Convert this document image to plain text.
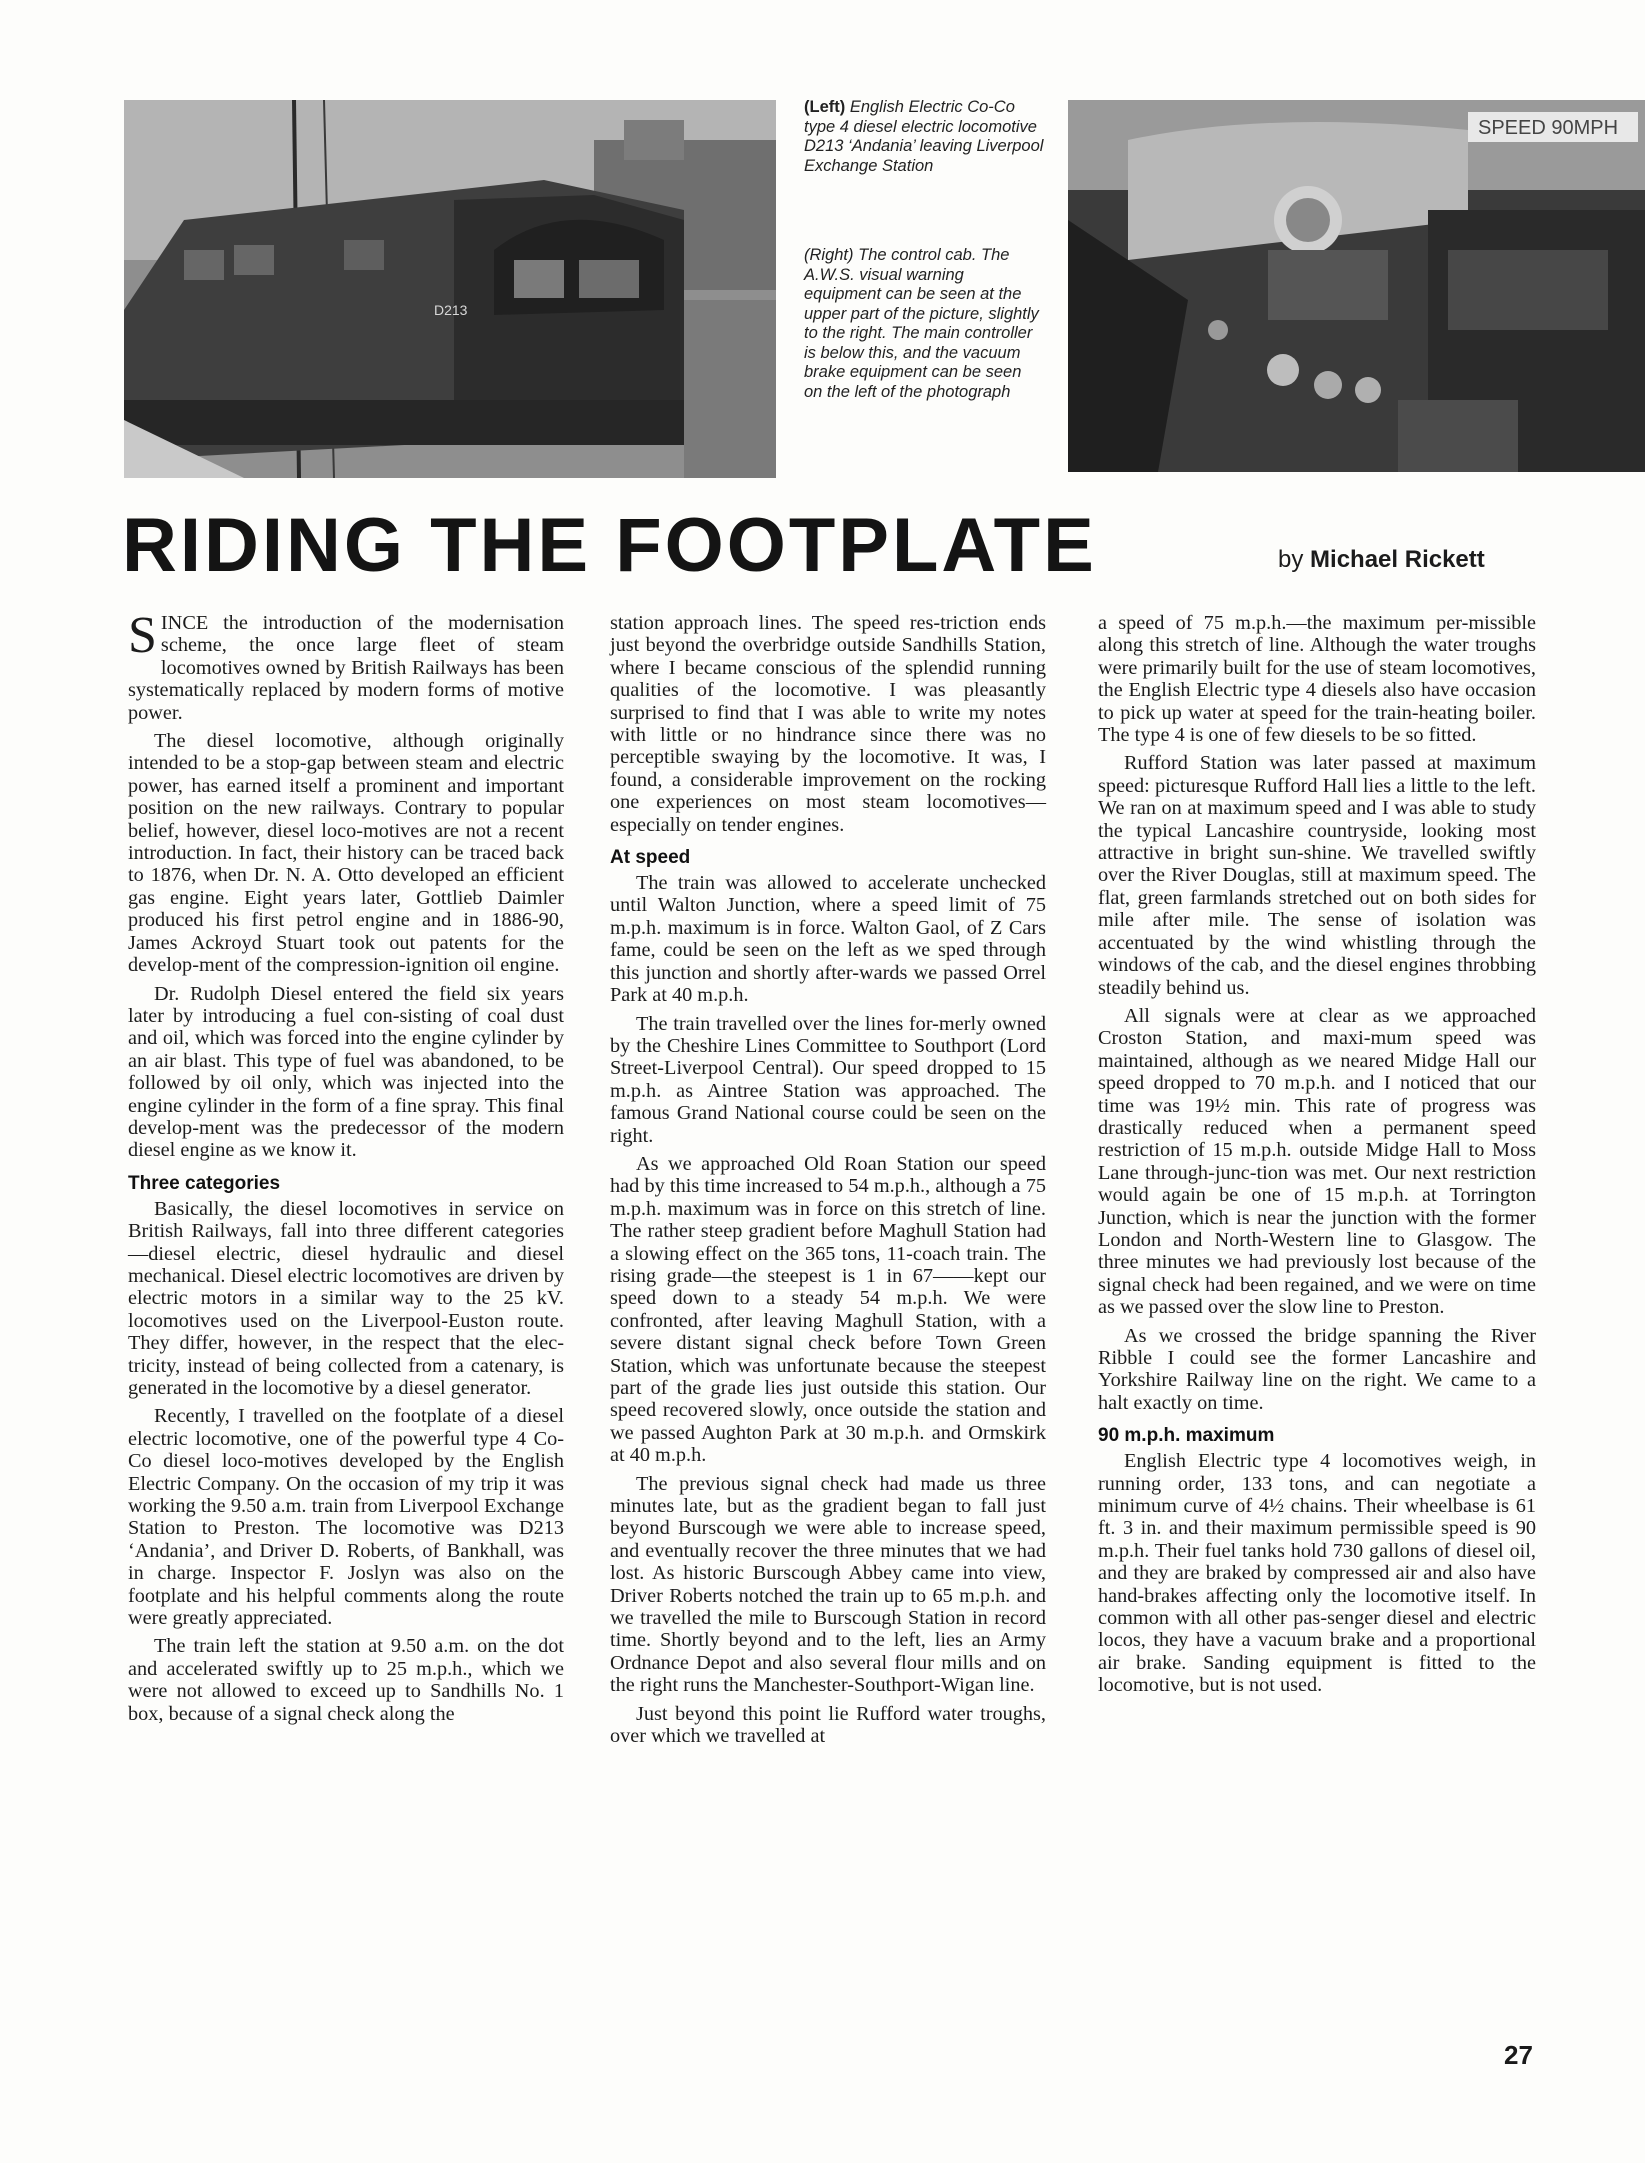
D213
(Left) English Electric Co-Co type 4 diesel electric locomotive D213 ‘Andania’ leaving Liverpool Exchange Station
(Right) The control cab. The A.W.S. visual warning equipment can be seen at the upper part of the picture, slightly to the right. The main controller is below this, and the vacuum brake equipment can be seen on the left of the photograph
SPEED 90MPH
RIDING THE FOOTPLATE	by Michael Rickett

SINCE the introduction of the modernisation scheme, the once large fleet of steam locomotives owned by British Railways has been systematically replaced by modern forms of motive power.

The diesel locomotive, although originally intended to be a stop-gap between steam and electric power, has earned itself a prominent and important position on the new railways. Contrary to popular belief, however, diesel loco-motives are not a recent introduction. In fact, their history can be traced back to 1876, when Dr. N. A. Otto developed an efficient gas engine. Eight years later, Gottlieb Daimler produced his first petrol engine and in 1886-90, James Ackroyd Stuart took out patents for the develop-ment of the compression-ignition oil engine.

Dr. Rudolph Diesel entered the field six years later by introducing a fuel con-sisting of coal dust and oil, which was forced into the engine cylinder by an air blast. This type of fuel was abandoned, to be followed by oil only, which was injected into the engine cylinder in the form of a fine spray. This final develop-ment was the predecessor of the modern diesel engine as we know it.

Three categories

Basically, the diesel locomotives in service on British Railways, fall into three different categories—diesel electric, diesel hydraulic and diesel mechanical. Diesel electric locomotives are driven by electric motors in a similar way to the 25 kV. locomotives used on the Liverpool-Euston route. They differ, however, in the respect that the elec-tricity, instead of being collected from a catenary, is generated in the locomotive by a diesel generator.

Recently, I travelled on the footplate of a diesel electric locomotive, one of the powerful type 4 Co-Co diesel loco-motives developed by the English Electric Company. On the occasion of my trip it was working the 9.50 a.m. train from Liverpool Exchange Station to Preston. The locomotive was D213 ‘Andania’, and Driver D. Roberts, of Bankhall, was in charge. Inspector F. Joslyn was also on the footplate and his helpful comments along the route were greatly appreciated.

The train left the station at 9.50 a.m. on the dot and accelerated swiftly up to 25 m.p.h., which we were not allowed to exceed up to Sandhills No. 1 box, because of a signal check along the

station approach lines. The speed res-triction ends just beyond the overbridge outside Sandhills Station, where I became conscious of the splendid running qualities of the locomotive. I was pleasantly surprised to find that I was able to write my notes with little or no hindrance since there was no perceptible swaying by the locomotive. It was, I found, a considerable improvement on the rocking one experiences on most steam locomotives—especially on tender engines.

At speed

The train was allowed to accelerate unchecked until Walton Junction, where a speed limit of 75 m.p.h. maximum is in force. Walton Gaol, of Z Cars fame, could be seen on the left as we sped through this junction and shortly after-wards we passed Orrel Park at 40 m.p.h.

The train travelled over the lines for-merly owned by the Cheshire Lines Committee to Southport (Lord Street-Liverpool Central). Our speed dropped to 15 m.p.h. as Aintree Station was approached. The famous Grand National course could be seen on the right.

As we approached Old Roan Station our speed had by this time increased to 54 m.p.h., although a 75 m.p.h. maximum was in force on this stretch of line. The rather steep gradient before Maghull Station had a slowing effect on the 365 tons, 11-coach train. The rising grade—the steepest is 1 in 67——kept our speed down to a steady 54 m.p.h. We were confronted, after leaving Maghull Station, with a severe distant signal check before Town Green Station, which was unfortunate because the steepest part of the grade lies just outside this station. Our speed recovered slowly, once outside the station and we passed Aughton Park at 30 m.p.h. and Ormskirk at 40 m.p.h.

The previous signal check had made us three minutes late, but as the gradient began to fall just beyond Burscough we were able to increase speed, and eventually recover the three minutes that we had lost. As historic Burscough Abbey came into view, Driver Roberts notched the train up to 65 m.p.h. and we travelled the mile to Burscough Station in record time. Shortly beyond and to the left, lies an Army Ordnance Depot and also several flour mills and on the right runs the Manchester-Southport-Wigan line.

Just beyond this point lie Rufford water troughs, over which we travelled at

a speed of 75 m.p.h.—the maximum per-missible along this stretch of line. Although the water troughs were primarily built for the use of steam locomotives, the English Electric type 4 diesels also have occasion to pick up water at speed for the train-heating boiler. The type 4 is one of few diesels to be so fitted.

Rufford Station was later passed at maximum speed: picturesque Rufford Hall lies a little to the left. We ran on at maximum speed and I was able to study the typical Lancashire countryside, looking most attractive in bright sun-shine. We travelled swiftly over the River Douglas, still at maximum speed. The flat, green farmlands stretched out on both sides for mile after mile. The sense of isolation was accentuated by the wind whistling through the windows of the cab, and the diesel engines throbbing steadily behind us.

All signals were at clear as we approached Croston Station, and maxi-mum speed was maintained, although as we neared Midge Hall our speed dropped to 70 m.p.h. and I noticed that our time was 19½ min. This rate of progress was drastically reduced when a permanent speed restriction of 15 m.p.h. outside Midge Hall to Moss Lane through-junc-tion was met. Our next restriction would again be one of 15 m.p.h. at Torrington Junction, which is near the junction with the former London and North-Western line to Glasgow. The three minutes we had previously lost because of the signal check had been regained, and we were on time as we passed over the slow line to Preston.

As we crossed the bridge spanning the River Ribble I could see the former Lancashire and Yorkshire Railway line on the right. We came to a halt exactly on time.

90 m.p.h. maximum

English Electric type 4 locomotives weigh, in running order, 133 tons, and can negotiate a minimum curve of 4½ chains. Their wheelbase is 61 ft. 3 in. and their maximum permissible speed is 90 m.p.h. Their fuel tanks hold 730 gallons of diesel oil, and they are braked by compressed air and also have hand-brakes affecting only the locomotive itself. In common with all other pas-senger diesel and electric locos, they have a vacuum brake and a proportional air brake. Sanding equipment is fitted to the locomotive, but is not used.

27
